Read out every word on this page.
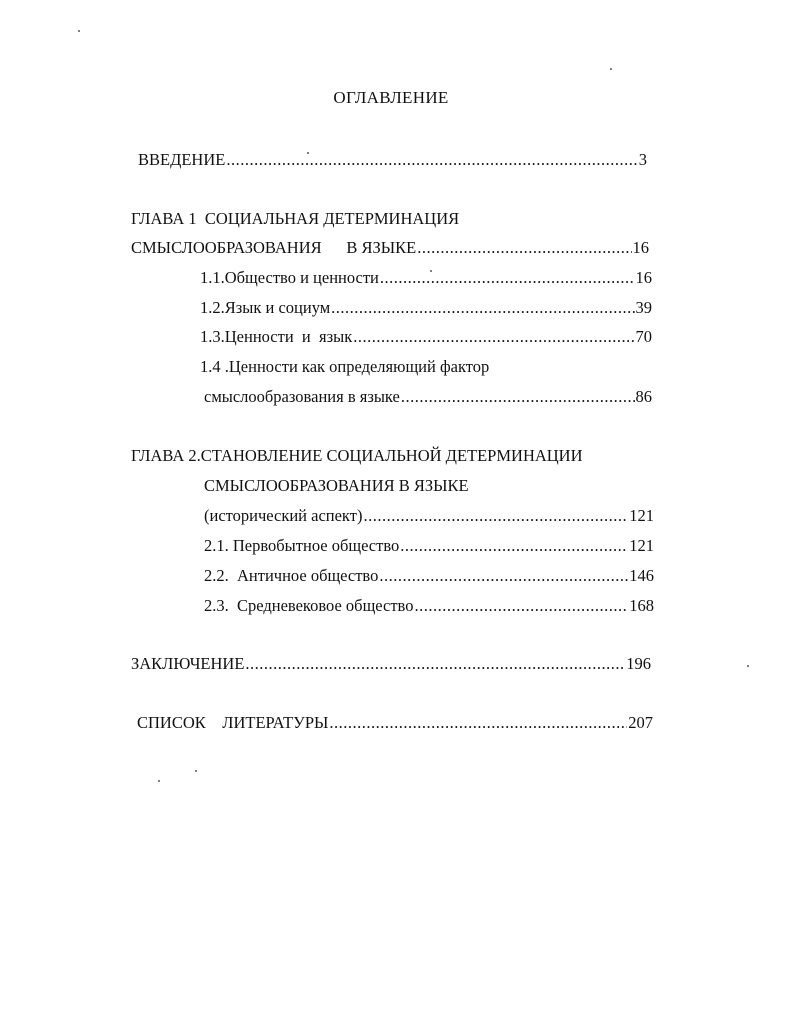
ОГЛАВЛЕНИЕ
ВВЕДЕНИЕ .....	3
ГЛАВА 1  СОЦИАЛЬНАЯ ДЕТЕРМИНАЦИЯ
СМЫСЛООБРАЗОВАНИЯ      В ЯЗЫКЕ .....	16
1.1.Общество и ценности .....	16
1.2.Язык и социум .....	39
1.3.Ценности  и  язык .....	70
1.4 .Ценности как определяющий фактор
смыслообразования в языке .....	86
ГЛАВА 2.СТАНОВЛЕНИЕ СОЦИАЛЬНОЙ ДЕТЕРМИНАЦИИ
СМЫСЛООБРАЗОВАНИЯ В ЯЗЫКЕ
(исторический аспект) .....	121
2.1. Первобытное общество .....	121
2.2.  Античное общество .....	146
2.3.  Средневековое общество .....	168
ЗАКЛЮЧЕНИЕ .....	196
СПИСОК    ЛИТЕРАТУРЫ .....	207
